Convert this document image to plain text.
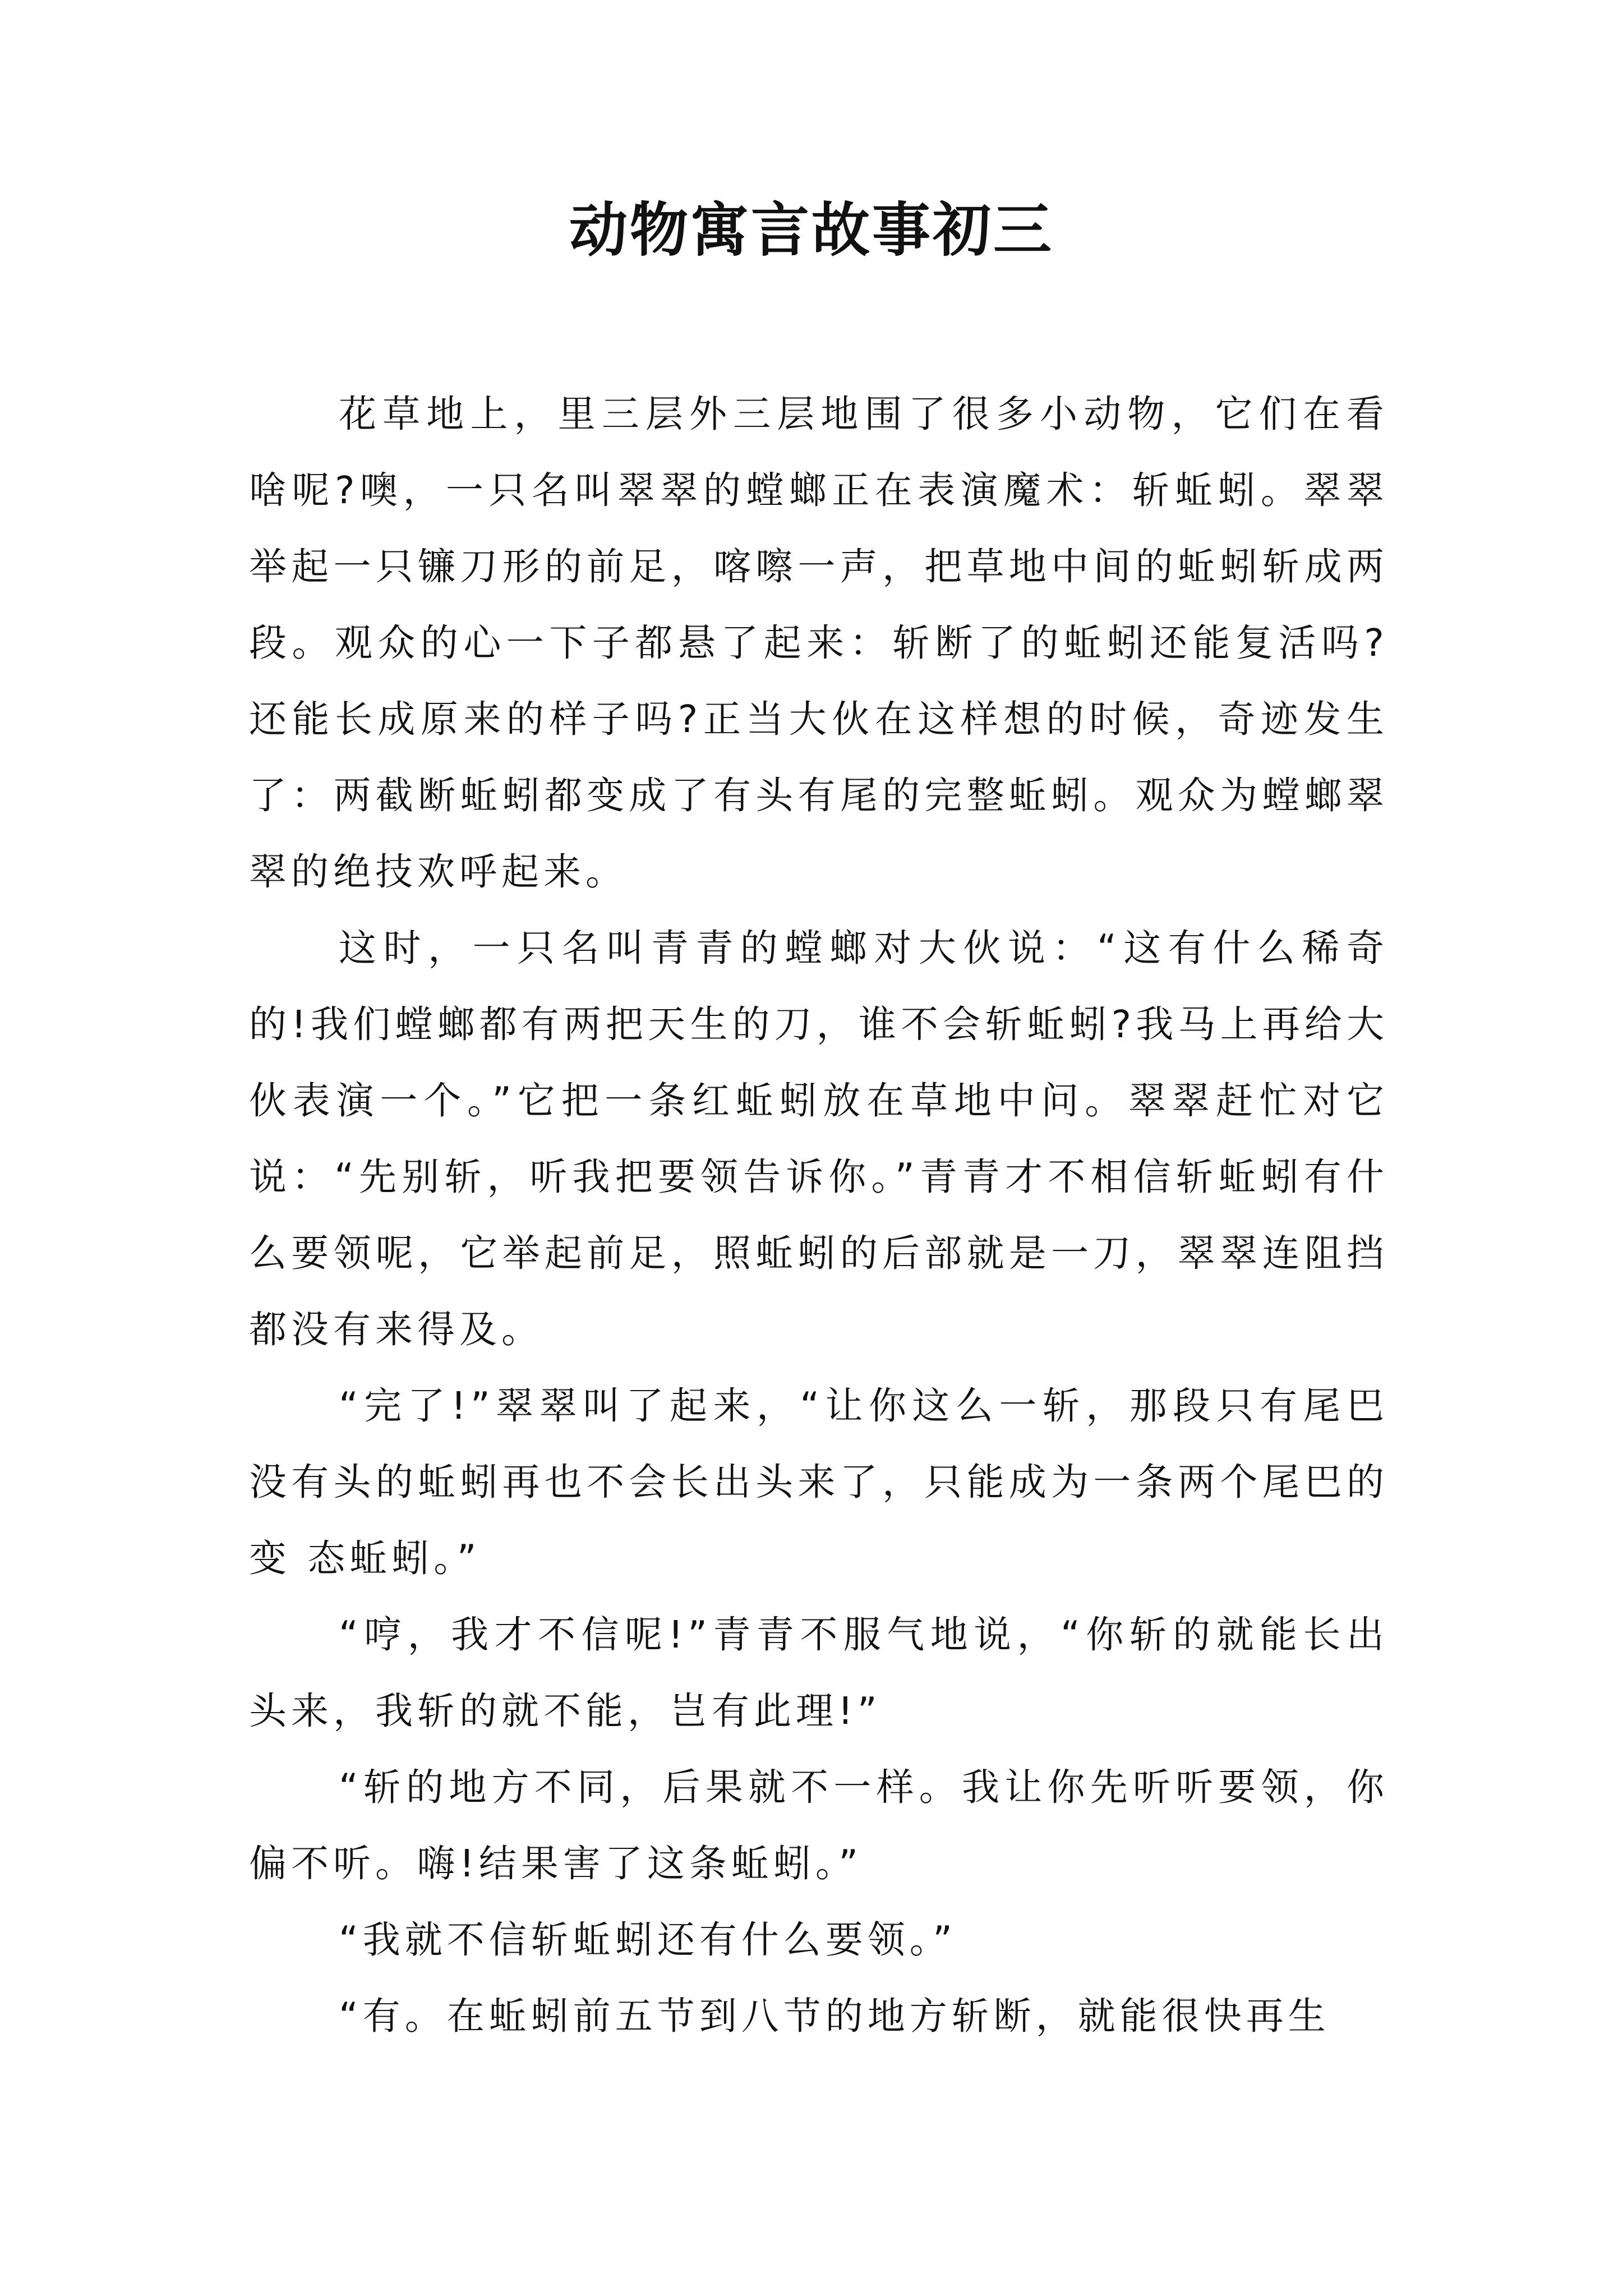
动物寓言故事初三

花草地上，里三层外三层地围了很多小动物，它们在看啥呢?噢，一只名叫翠翠的螳螂正在表演魔术：斩蚯蚓。翠翠举起一只镰刀形的前足，喀嚓一声，把草地中间的蚯蚓斩成两段。观众的心一下子都悬了起来：斩断了的蚯蚓还能复活吗?还能长成原来的样子吗?正当大伙在这样想的时候，奇迹发生了：两截断蚯蚓都变成了有头有尾的完整蚯蚓。观众为螳螂翠翠的绝技欢呼起来。

这时，一只名叫青青的螳螂对大伙说：“这有什么稀奇的!我们螳螂都有两把天生的刀，谁不会斩蚯蚓?我马上再给大伙表演一个。”它把一条红蚯蚓放在草地中问。翠翠赶忙对它说：“先别斩，听我把要领告诉你。”青青才不相信斩蚯蚓有什么要领呢，它举起前足，照蚯蚓的后部就是一刀，翠翠连阻挡都没有来得及。

“完了!”翠翠叫了起来，“让你这么一斩，那段只有尾巴没有头的蚯蚓再也不会长出头来了，只能成为一条两个尾巴的变 态蚯蚓。”

“哼，我才不信呢!”青青不服气地说，“你斩的就能长出头来，我斩的就不能，岂有此理!”

“斩的地方不同，后果就不一样。我让你先听听要领，你偏不听。嗨!结果害了这条蚯蚓。”

“我就不信斩蚯蚓还有什么要领。”

“有。在蚯蚓前五节到八节的地方斩断，就能很快再生
